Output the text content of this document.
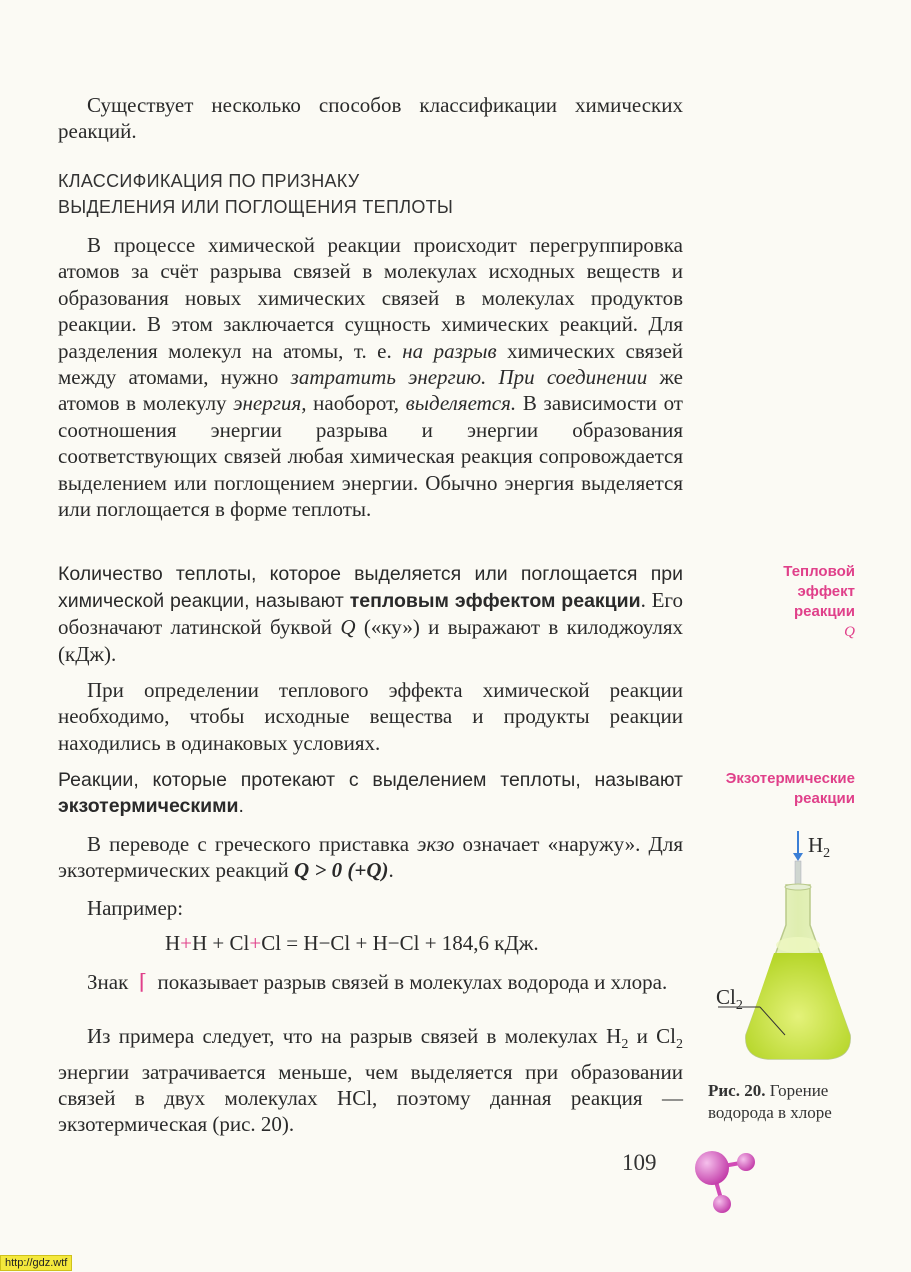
Существует несколько способов классификации химических реакций.
КЛАССИФИКАЦИЯ ПО ПРИЗНАКУ
ВЫДЕЛЕНИЯ ИЛИ ПОГЛОЩЕНИЯ ТЕПЛОТЫ
В процессе химической реакции происходит перегруппировка атомов за счёт разрыва связей в молекулах исходных веществ и образования новых химических связей в молекулах продуктов реакции. В этом заключается сущность химических реакций. Для разделения молекул на атомы, т. е. на разрыв химических связей между атомами, нужно затратить энергию. При соединении же атомов в молекулу энергия, наоборот, выделяется. В зависимости от соотношения энергии разрыва и энергии образования соответствующих связей любая химическая реакция сопровождается выделением или поглощением энергии. Обычно энергия выделяется или поглощается в форме теплоты.
Количество теплоты, которое выделяется или поглощается при химической реакции, называют тепловым эффектом реакции. Его обозначают латинской буквой Q («ку») и выражают в килоджоулях (кДж).
При определении теплового эффекта химической реакции необходимо, чтобы исходные вещества и продукты реакции находились в одинаковых условиях.
Реакции, которые протекают с выделением теплоты, называют экзотермическими.
В переводе с греческого приставка экзо означает «наружу». Для экзотермических реакций Q > 0 (+Q).
Например:
H+H + Cl+Cl = H−Cl + H−Cl + 184,6 кДж.
Знак ⌈ показывает разрыв связей в молекулах водорода и хлора.
Из примера следует, что на разрыв связей в молекулах $H_2$ и $Cl_2$ энергии затрачивается меньше, чем выделяется при образовании связей в двух молекулах HCl, поэтому данная реакция — экзотермическая (рис. 20).
Тепловой
эффект
реакции
Q
Экзотермические
реакции
$H_2$
$Cl_2$
Рис. 20. Горение водорода в хлоре
109
http://gdz.wtf
